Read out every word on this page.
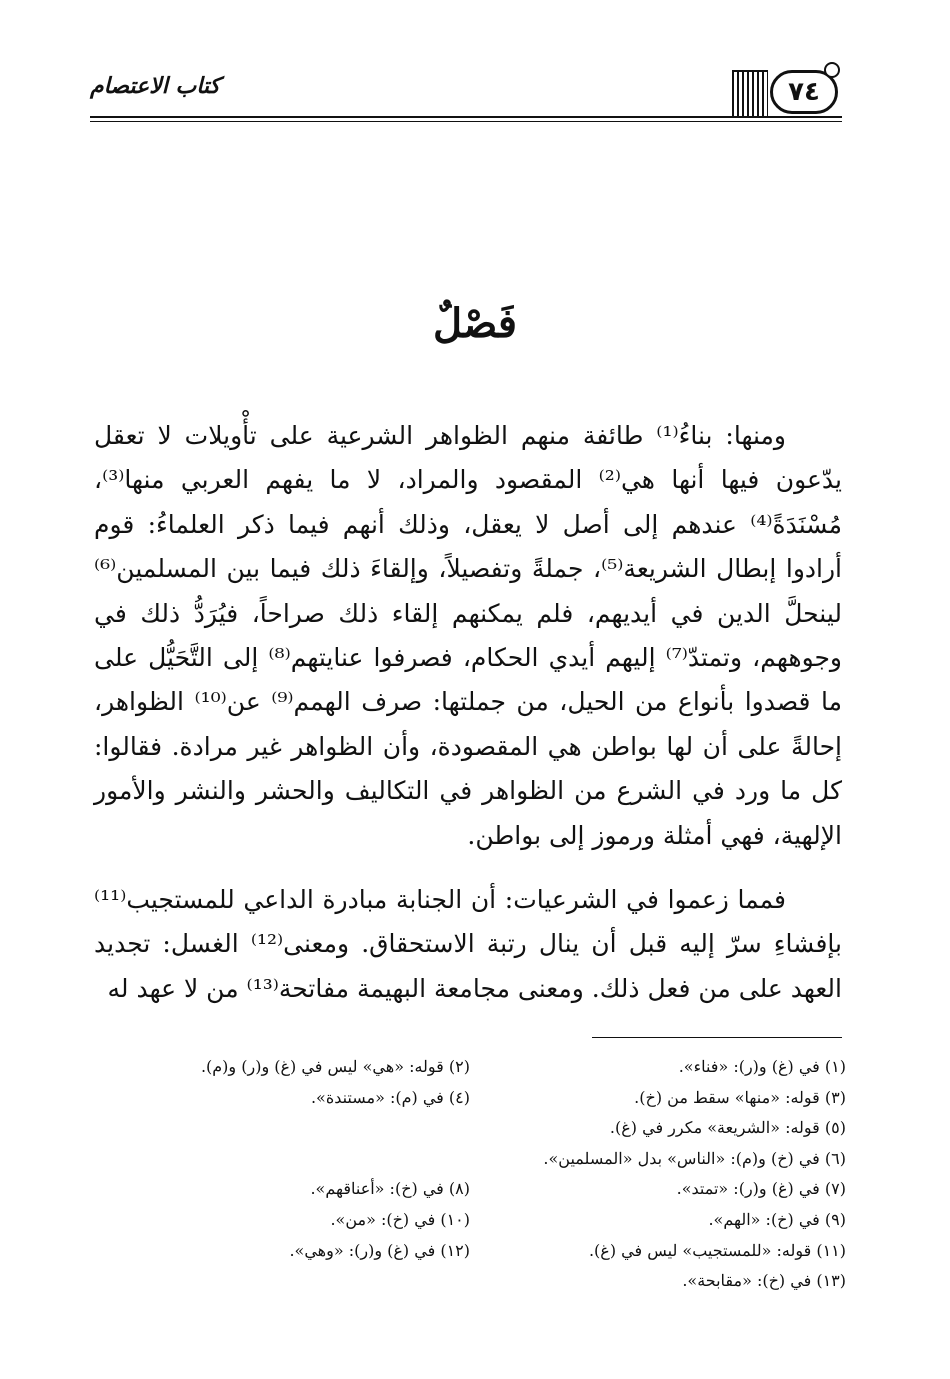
كتاب الاعتصام	٧٤
فَصْلٌ

ومنها: بناءُ⁽¹⁾ طائفة منهم الظواهر الشرعية على تأْويلات لا تعقل يدّعون فيها أنها هي⁽²⁾ المقصود والمراد، لا ما يفهم العربي منها⁽³⁾، مُسْنَدَةً⁽⁴⁾ عندهم إلى أصل لا يعقل، وذلك أنهم فيما ذكر العلماءُ: قوم أرادوا إبطال الشريعة⁽⁵⁾، جملةً وتفصيلاً، وإلقاءَ ذلك فيما بين المسلمين⁽⁶⁾ لينحلَّ الدين في أيديهم، فلم يمكنهم إلقاء ذلك صراحاً، فيُرَدُّ ذلك في وجوههم، وتمتدّ⁽⁷⁾ إليهم أيدي الحكام، فصرفوا عنايتهم⁽⁸⁾ إلى التَّحَيُّل على ما قصدوا بأنواع من الحيل، من جملتها: صرف الهمم⁽⁹⁾ عن⁽¹⁰⁾ الظواهر، إحالةً على أن لها بواطن هي المقصودة، وأن الظواهر غير مرادة. فقالوا: كل ما ورد في الشرع من الظواهر في التكاليف والحشر والنشر والأمور الإلهية، فهي أمثلة ورموز إلى بواطن.

فمما زعموا في الشرعيات: أن الجنابة مبادرة الداعي للمستجيب⁽¹¹⁾ بإفشاءِ سرّ إليه قبل أن ينال رتبة الاستحقاق. ومعنى⁽¹²⁾ الغسل: تجديد العهد على من فعل ذلك. ومعنى مجامعة البهيمة مفاتحة⁽¹³⁾ من لا عهد له

(١) في (غ) و(ر): «فناء».
(٢) قوله: «هي» ليس في (غ) و(ر) و(م).
(٣) قوله: «منها» سقط من (خ).
(٤) في (م): «مستندة».
(٥) قوله: «الشريعة» مكرر في (غ).
(٦) في (خ) و(م): «الناس» بدل «المسلمين».
(٧) في (غ) و(ر): «تمتد».
(٨) في (خ): «أعناقهم».
(٩) في (خ): «الهم».
(١٠) في (خ): «من».
(١١) قوله: «للمستجيب» ليس في (غ).
(١٢) في (غ) و(ر): «وهي».
(١٣) في (خ): «مقابحة».
